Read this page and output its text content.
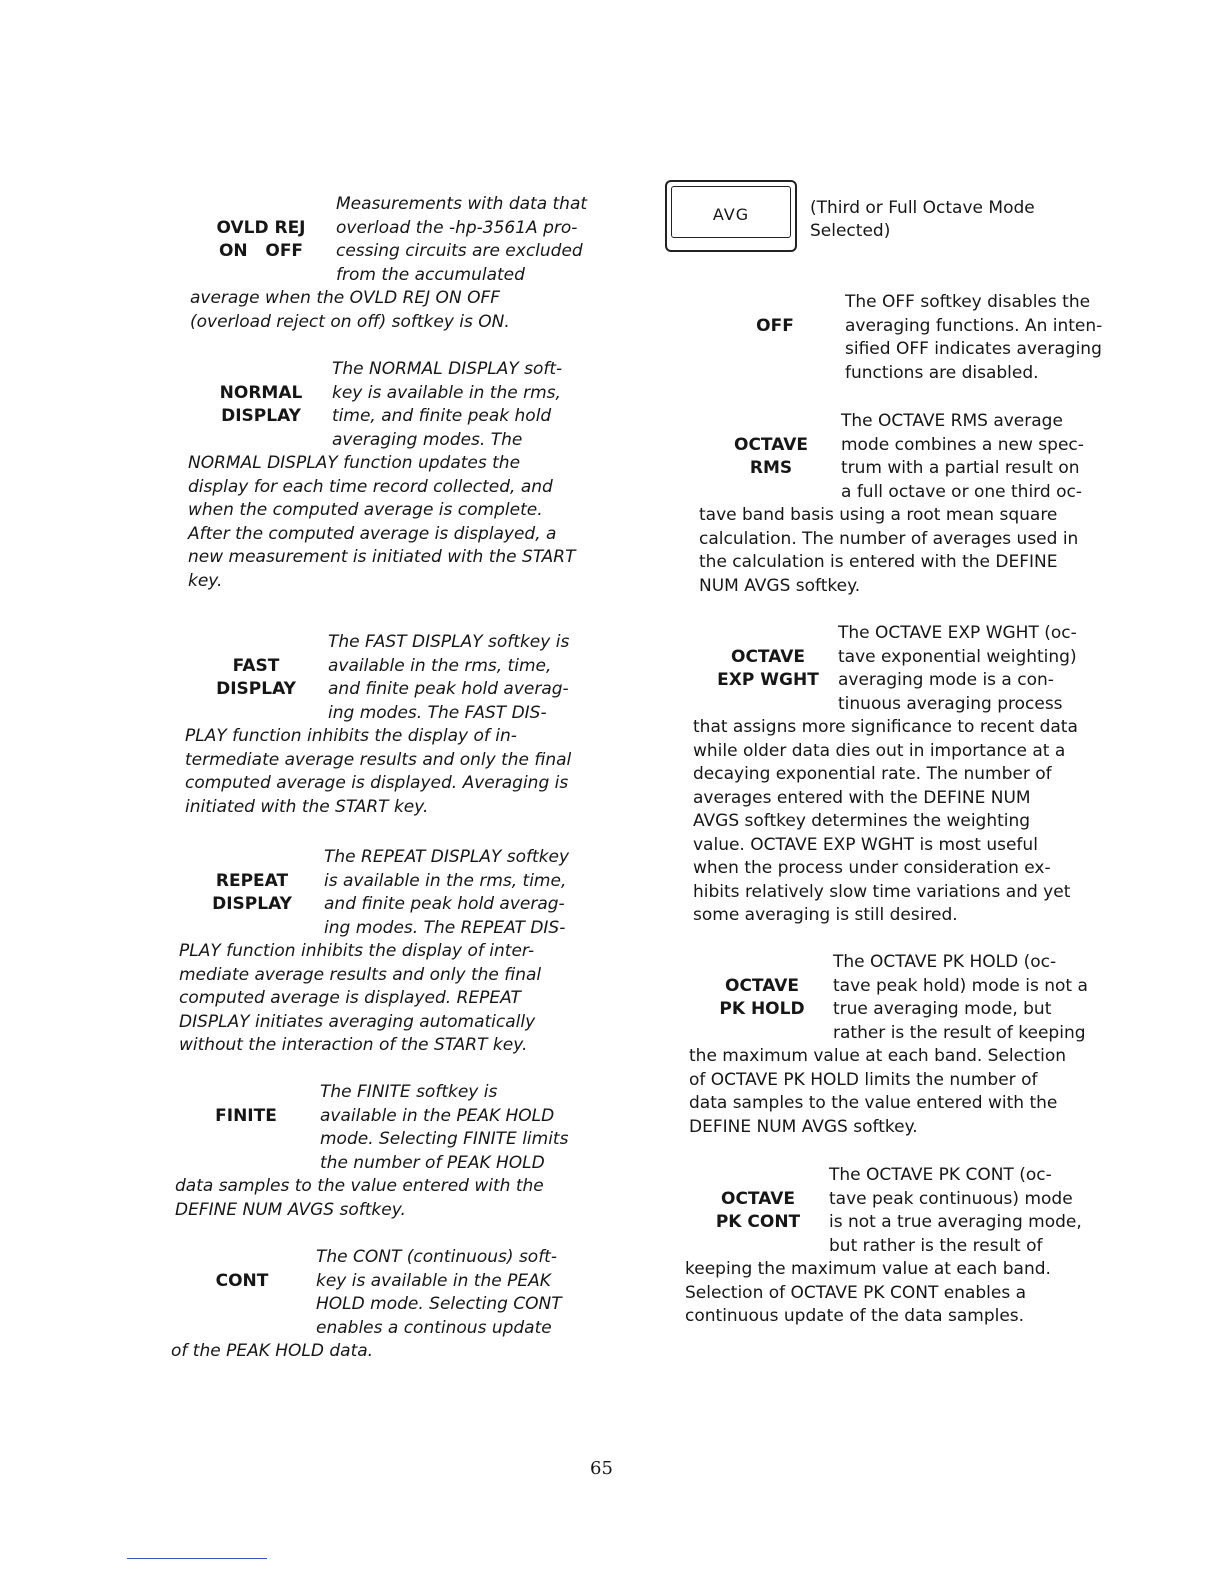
OVLD REJ
ON   OFF
Measurements with data that
overload the -hp-3561A pro-
cessing circuits are excluded
from the accumulated
average when the OVLD REJ ON OFF
(overload reject on off) softkey is ON.
NORMAL
DISPLAY
The NORMAL DISPLAY soft-
key is available in the rms,
time, and finite peak hold
averaging modes. The
NORMAL DISPLAY function updates the
display for each time record collected, and
when the computed average is complete.
After the computed average is displayed, a
new measurement is initiated with the START
key.
FAST
DISPLAY
The FAST DISPLAY softkey is
available in the rms, time,
and finite peak hold averag-
ing modes. The FAST DIS-
PLAY function inhibits the display of in-
termediate average results and only the final
computed average is displayed. Averaging is
initiated with the START key.
REPEAT
DISPLAY
The REPEAT DISPLAY softkey
is available in the rms, time,
and finite peak hold averag-
ing modes. The REPEAT DIS-
PLAY function inhibits the display of inter-
mediate average results and only the final
computed average is displayed. REPEAT
DISPLAY initiates averaging automatically
without the interaction of the START key.
FINITE
The FINITE softkey is
available in the PEAK HOLD
mode. Selecting FINITE limits
the number of PEAK HOLD
data samples to the value entered with the
DEFINE NUM AVGS softkey.
CONT
The CONT (continuous) soft-
key is available in the PEAK
HOLD mode. Selecting CONT
enables a continous update
of the PEAK HOLD data.
AVG	(Third or Full Octave Mode
Selected)
OFF
The OFF softkey disables the
averaging functions. An inten-
sified OFF indicates averaging
functions are disabled.
OCTAVE
RMS
The OCTAVE RMS average
mode combines a new spec-
trum with a partial result on
a full octave or one third oc-
tave band basis using a root mean square
calculation. The number of averages used in
the calculation is entered with the DEFINE
NUM AVGS softkey.
OCTAVE
EXP WGHT
The OCTAVE EXP WGHT (oc-
tave exponential weighting)
averaging mode is a con-
tinuous averaging process
that assigns more significance to recent data
while older data dies out in importance at a
decaying exponential rate. The number of
averages entered with the DEFINE NUM
AVGS softkey determines the weighting
value. OCTAVE EXP WGHT is most useful
when the process under consideration ex-
hibits relatively slow time variations and yet
some averaging is still desired.
OCTAVE
PK HOLD
The OCTAVE PK HOLD (oc-
tave peak hold) mode is not a
true averaging mode, but
rather is the result of keeping
the maximum value at each band. Selection
of OCTAVE PK HOLD limits the number of
data samples to the value entered with the
DEFINE NUM AVGS softkey.
OCTAVE
PK CONT
The OCTAVE PK CONT (oc-
tave peak continuous) mode
is not a true averaging mode,
but rather is the result of
keeping the maximum value at each band.
Selection of OCTAVE PK CONT enables a
continuous update of the data samples.
65
